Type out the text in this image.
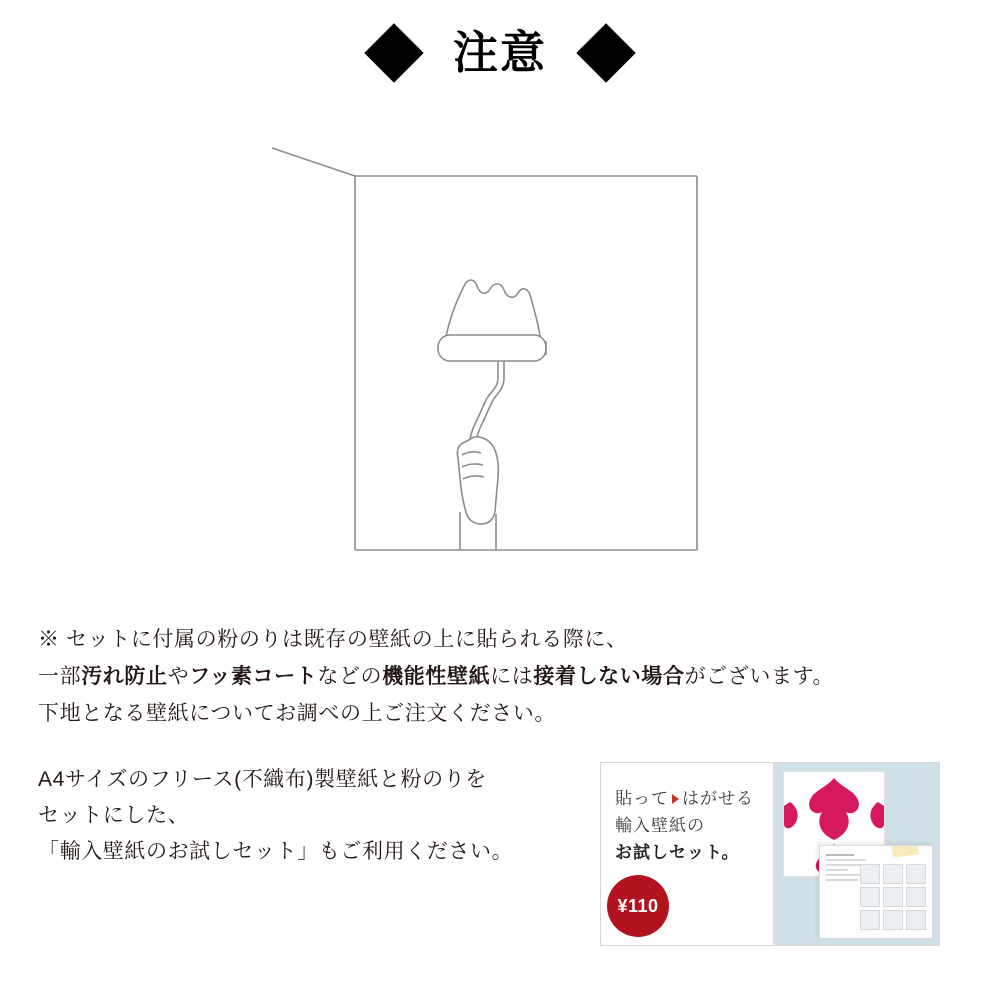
注意
※ セットに付属の粉のりは既存の壁紙の上に貼られる際に、
一部汚れ防止やフッ素コートなどの機能性壁紙には接着しない場合がございます。
下地となる壁紙についてお調べの上ご注文ください。
A4サイズのフリース(不織布)製壁紙と粉のりを
セットにした、
「輸入壁紙のお試しセット」もご利用ください。
貼って はがせる
輸入壁紙の
お試しセット。
¥110
